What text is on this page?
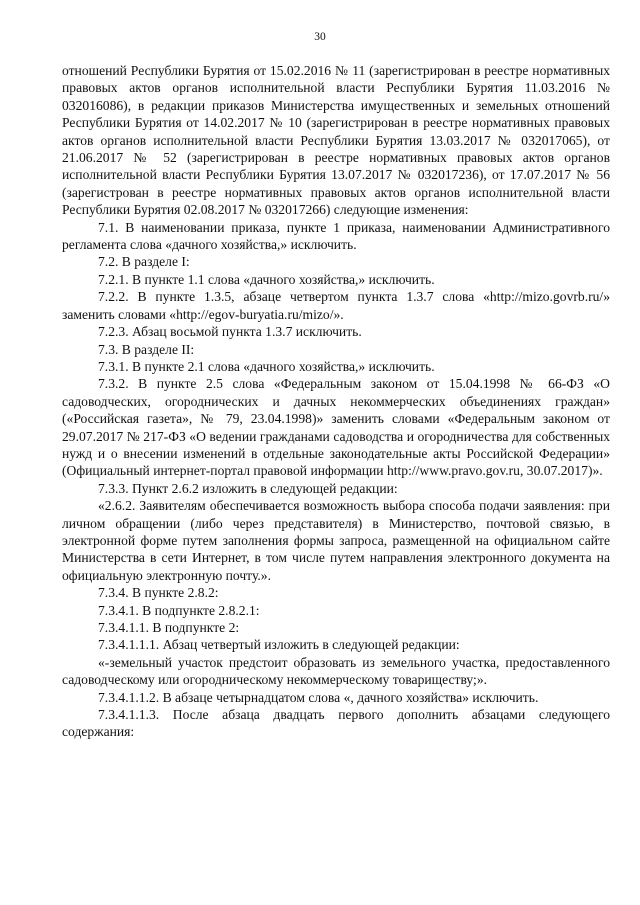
30

отношений Республики Бурятия от 15.02.2016 № 11 (зарегистрирован в реестре нормативных правовых актов органов исполнительной власти Республики Бурятия 11.03.2016 № 032016086), в редакции приказов Министерства имущественных и земельных отношений Республики Бурятия от 14.02.2017 № 10 (зарегистрирован в реестре нормативных правовых актов органов исполнительной власти Республики Бурятия 13.03.2017 № 032017065), от 21.06.2017 № 52 (зарегистрирован в реестре нормативных правовых актов органов исполнительной власти Республики Бурятия 13.07.2017 № 032017236), от 17.07.2017 № 56 (зарегистрован в реестре нормативных правовых актов органов исполнительной власти Республики Бурятия 02.08.2017 № 032017266) следующие изменения:

7.1. В наименовании приказа, пункте 1 приказа, наименовании Административного регламента слова «дачного хозяйства,» исключить.

7.2. В разделе I:

7.2.1. В пункте 1.1 слова «дачного хозяйства,» исключить.

7.2.2. В пункте 1.3.5, абзаце четвертом пункта 1.3.7 слова «http://mizo.govrb.ru/» заменить словами «http://egov-buryatia.ru/mizo/».

7.2.3. Абзац восьмой пункта 1.3.7 исключить.

7.3. В разделе II:

7.3.1. В пункте 2.1 слова «дачного хозяйства,» исключить.

7.3.2. В пункте 2.5 слова «Федеральным законом от 15.04.1998 № 66-ФЗ «О садоводческих, огороднических и дачных некоммерческих объединениях граждан» («Российская газета», № 79, 23.04.1998)» заменить словами «Федеральным законом от 29.07.2017 № 217-ФЗ «О ведении гражданами садоводства и огородничества для собственных нужд и о внесении изменений в отдельные законодательные акты Российской Федерации» (Официальный интернет-портал правовой информации http://www.pravo.gov.ru, 30.07.2017)».

7.3.3. Пункт 2.6.2 изложить в следующей редакции:

«2.6.2. Заявителям обеспечивается возможность выбора способа подачи заявления: при личном обращении (либо через представителя) в Министерство, почтовой связью, в электронной форме путем заполнения формы запроса, размещенной на официальном сайте Министерства в сети Интернет, в том числе путем направления электронного документа на официальную электронную почту.».

7.3.4. В пункте 2.8.2:

7.3.4.1. В подпункте 2.8.2.1:

7.3.4.1.1. В подпункте 2:

7.3.4.1.1.1. Абзац четвертый изложить в следующей редакции:

«-земельный участок предстоит образовать из земельного участка, предоставленного садоводческому или огородническому некоммерческому товариществу;».

7.3.4.1.1.2. В абзаце четырнадцатом слова «, дачного хозяйства» исключить.

7.3.4.1.1.3. После абзаца двадцать первого дополнить абзацами следующего содержания:
